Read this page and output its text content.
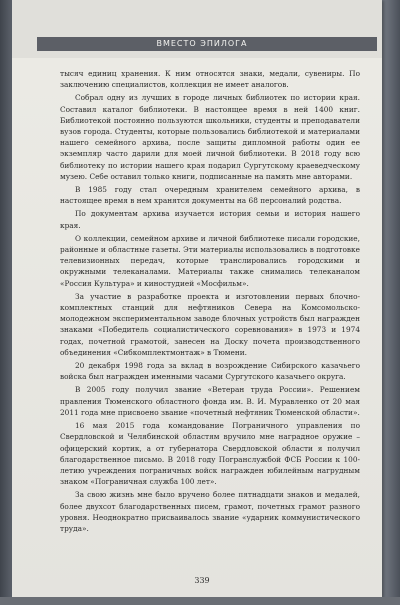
ВМЕСТО ЭПИЛОГА

тысяч единиц хранения. К ним относятся знаки, медали, сувениры. По заключению специалистов, коллекция не имеет аналогов.

Собрал одну из лучших в городе личных библиотек по истории края. Составил каталог библиотеки. В настоящее время в ней 1400 книг. Библиотекой постоянно пользуются школьники, студенты и преподаватели вузов города. Студенты, которые пользовались библиотекой и материалами нашего семейного архива, после защиты дипломной работы один ее экземпляр часто дарили для моей личной библиотеки. В 2018 году всю библиотеку по истории нашего края подарил Сургутскому краеведческому музею. Себе оставил только книги, подписанные на память мне авторами.

В 1985 году стал очередным хранителем семейного архива, в настоящее время в нем хранятся документы на 68 персоналий родства.

По документам архива изучается история семьи и история нашего края.

О коллекции, семейном архиве и личной библиотеке писали городские, районные и областные газеты. Эти материалы использовались в подготовке телевизионных передач, которые транслировались городскими и окружными телеканалами. Материалы также снимались телеканалом «Россия Культура» и киностудией «Мосфильм».

За участие в разработке проекта и изготовлении первых блочно-комплектных станций для нефтяников Севера на Комсомольско-молодежном экспериментальном заводе блочных устройств был награжден знаками «Победитель социалистического соревнования» в 1973 и 1974 годах, почетной грамотой, занесен на Доску почета производственного объединения «Сибкомплектмонтаж» в Тюмени.

20 декабря 1998 года за вклад в возрождение Сибирского казачьего войска был награжден именными часами Сургутского казачьего округа.

В 2005 году получил звание «Ветеран труда России». Решением правления Тюменского областного фонда им. В. И. Муравленко от 20 мая 2011 года мне присвоено звание «почетный нефтяник Тюменской области».

16 мая 2015 года командование Пограничного управления по Свердловской и Челябинской областям вручило мне наградное оружие – офицерский кортик, а от губернатора Свердловской области я получил благодарственное письмо. В 2018 году Погранслужбой ФСБ России к 100-летию учреждения пограничных войск награжден юбилейным нагрудным знаком «Пограничная служба 100 лет».

За свою жизнь мне было вручено более пятнадцати знаков и медалей, более двухсот благодарственных писем, грамот, почетных грамот разного уровня. Неоднократно присваивалось звание «ударник коммунистического труда».

339
